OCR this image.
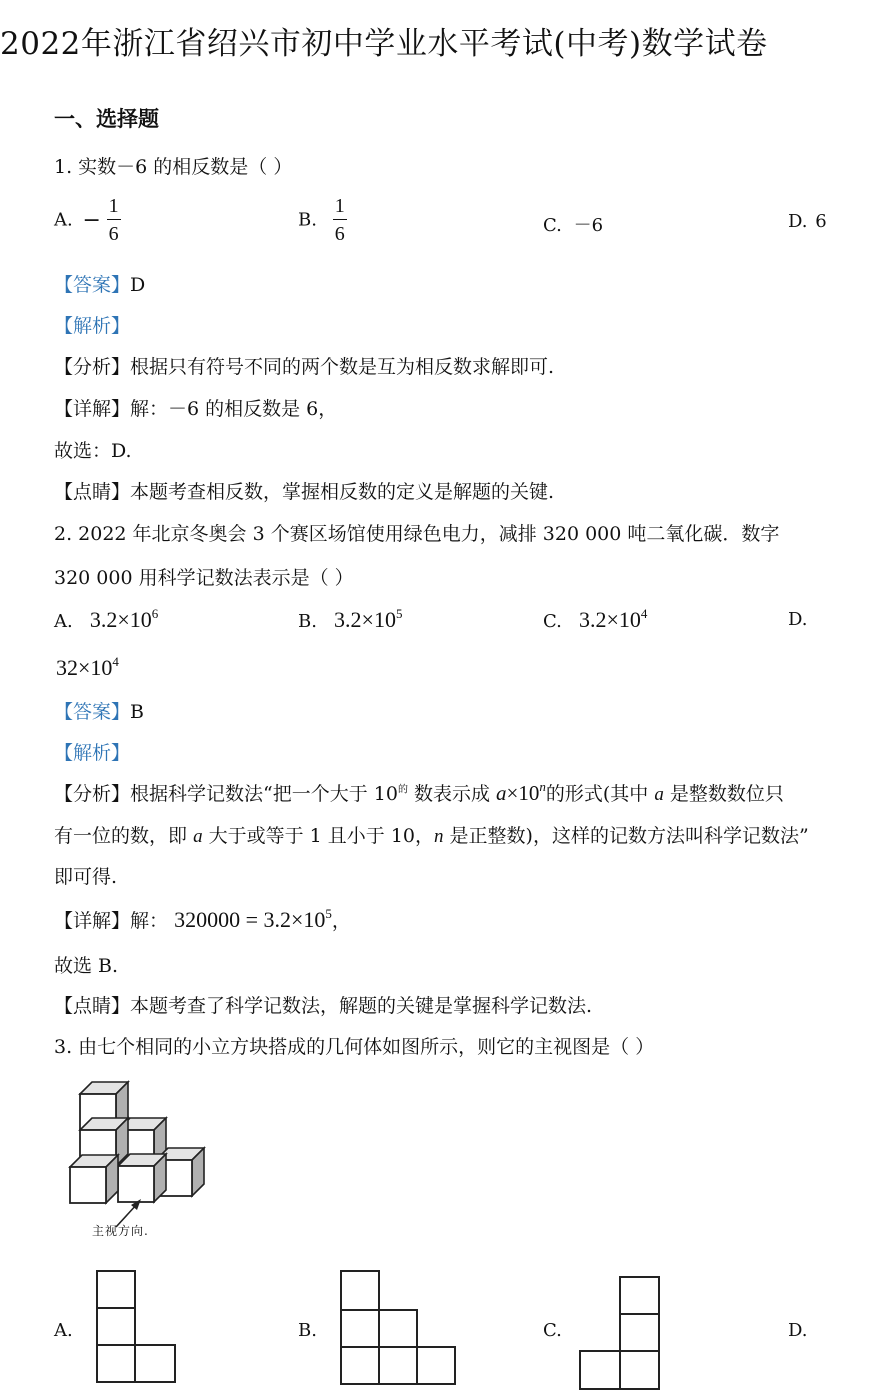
2022年浙江省绍兴市初中学业水平考试(中考)数学试卷
一、选择题
1. 实数－6 的相反数是（ ）
A. − $\frac{1}{6}$	B. $\frac{1}{6}$	C. －6	D. 6
【答案】D
【解析】
【分析】根据只有符号不同的两个数是互为相反数求解即可.
【详解】解：－6 的相反数是 6，
故选：D.
【点睛】本题考查相反数，掌握相反数的定义是解题的关键.
2. 2022 年北京冬奥会 3 个赛区场馆使用绿色电力，减排 320 000 吨二氧化碳．数字
320 000 用科学记数法表示是（ ）
A. $3.2\times 10^6$	B. $3.2\times 10^5$	C. $3.2\times 10^4$	D.
$32\times 10^4$
【答案】B
【解析】
【分析】根据科学记数法“把一个大于 $10^的$ 数表示成 $a\times 10^n$的形式(其中 a 是整数数位只
有一位的数，即 a 大于或等于 1 且小于 10，n 是正整数)，这样的记数方法叫科学记数法”
即可得.
【详解】解： $320000 = 3.2\times 10^5$，
故选 B.
【点睛】本题考查了科学记数法，解题的关键是掌握科学记数法.
3. 由七个相同的小立方块搭成的几何体如图所示，则它的主视图是（ ）
主视方向.
A.	B.	C.	D.
